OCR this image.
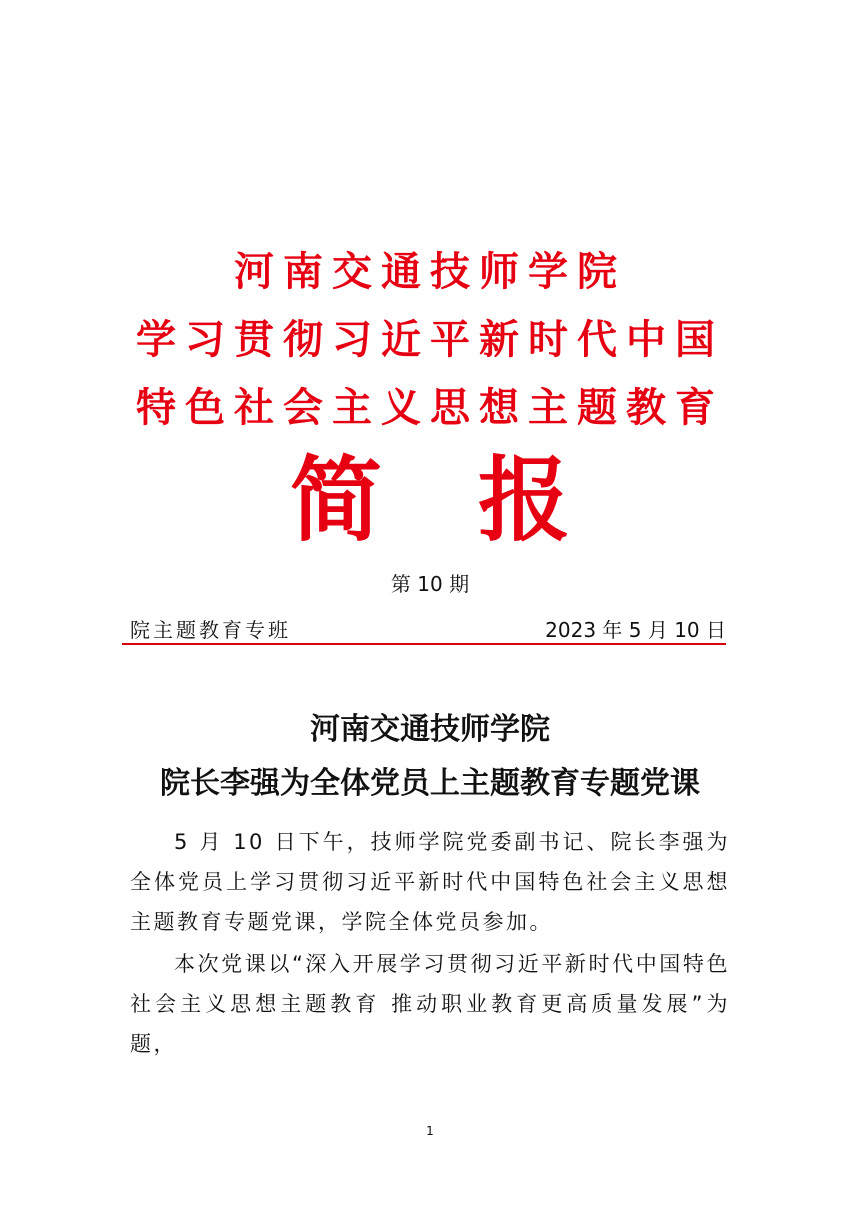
河南交通技师学院
学习贯彻习近平新时代中国
特色社会主义思想主题教育
简 报
第 10 期
院主题教育专班	2023 年 5 月 10 日
河南交通技师学院
院长李强为全体党员上主题教育专题党课
5 月 10 日下午，技师学院党委副书记、院长李强为全体党员上学习贯彻习近平新时代中国特色社会主义思想主题教育专题党课，学院全体党员参加。
本次党课以“深入开展学习贯彻习近平新时代中国特色社会主义思想主题教育 推动职业教育更高质量发展”为题，
1
